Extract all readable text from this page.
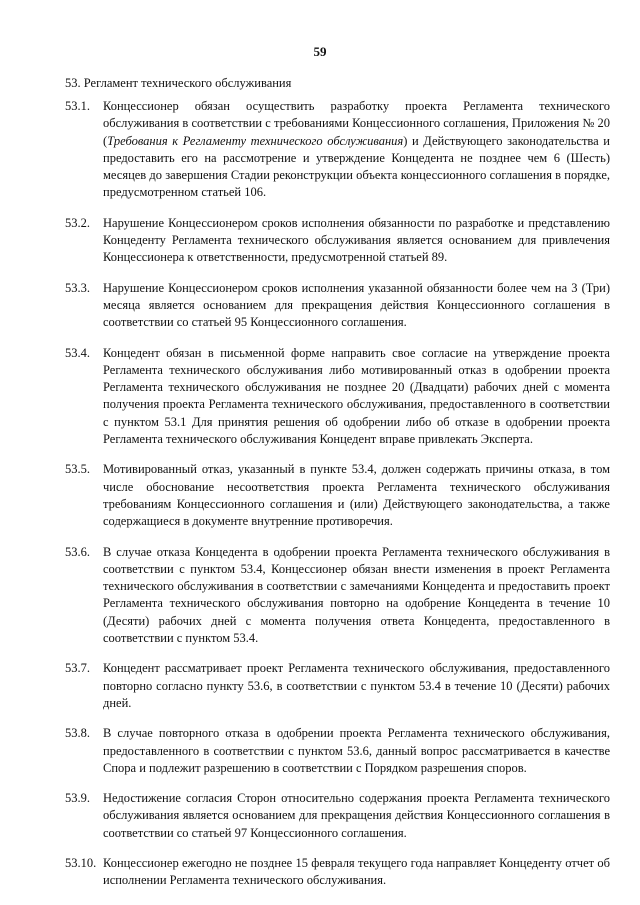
59
53. Регламент технического обслуживания
53.1.	Концессионер обязан осуществить разработку проекта Регламента технического обслуживания в соответствии с требованиями Концессионного соглашения, Приложения № 20 (Требования к Регламенту технического обслуживания) и Действующего законодательства и предоставить его на рассмотрение и утверждение Концедента не позднее чем 6 (Шесть) месяцев до завершения Стадии реконструкции объекта концессионного соглашения в порядке, предусмотренном статьей 106.
53.2.	Нарушение Концессионером сроков исполнения обязанности по разработке и представлению Концеденту Регламента технического обслуживания является основанием для привлечения Концессионера к ответственности, предусмотренной статьей 89.
53.3.	Нарушение Концессионером сроков исполнения указанной обязанности более чем на 3 (Три) месяца является основанием для прекращения действия Концессионного соглашения в соответствии со статьей 95 Концессионного соглашения.
53.4.	Концедент обязан в письменной форме направить свое согласие на утверждение проекта Регламента технического обслуживания либо мотивированный отказ в одобрении проекта Регламента технического обслуживания не позднее 20 (Двадцати) рабочих дней с момента получения проекта Регламента технического обслуживания, предоставленного в соответствии с пунктом 53.1 Для принятия решения об одобрении либо об отказе в одобрении проекта Регламента технического обслуживания Концедент вправе привлекать Эксперта.
53.5.	Мотивированный отказ, указанный в пункте 53.4, должен содержать причины отказа, в том числе обоснование несоответствия проекта Регламента технического обслуживания требованиям Концессионного соглашения и (или) Действующего законодательства, а также содержащиеся в документе внутренние противоречия.
53.6.	В случае отказа Концедента в одобрении проекта Регламента технического обслуживания в соответствии с пунктом 53.4, Концессионер обязан внести изменения в проект Регламента технического обслуживания в соответствии с замечаниями Концедента и предоставить проект Регламента технического обслуживания повторно на одобрение Концедента в течение 10 (Десяти) рабочих дней с момента получения ответа Концедента, предоставленного в соответствии с пунктом 53.4.
53.7.	Концедент рассматривает проект Регламента технического обслуживания, предоставленного повторно согласно пункту 53.6, в соответствии с пунктом 53.4 в течение 10 (Десяти) рабочих дней.
53.8.	В случае повторного отказа в одобрении проекта Регламента технического обслуживания, предоставленного в соответствии с пунктом 53.6, данный вопрос рассматривается в качестве Спора и подлежит разрешению в соответствии с Порядком разрешения споров.
53.9.	Недостижение согласия Сторон относительно содержания проекта Регламента технического обслуживания является основанием для прекращения действия Концессионного соглашения в соответствии со статьей 97 Концессионного соглашения.
53.10. Концессионер ежегодно не позднее 15 февраля текущего года направляет Концеденту отчет об исполнении Регламента технического обслуживания.
